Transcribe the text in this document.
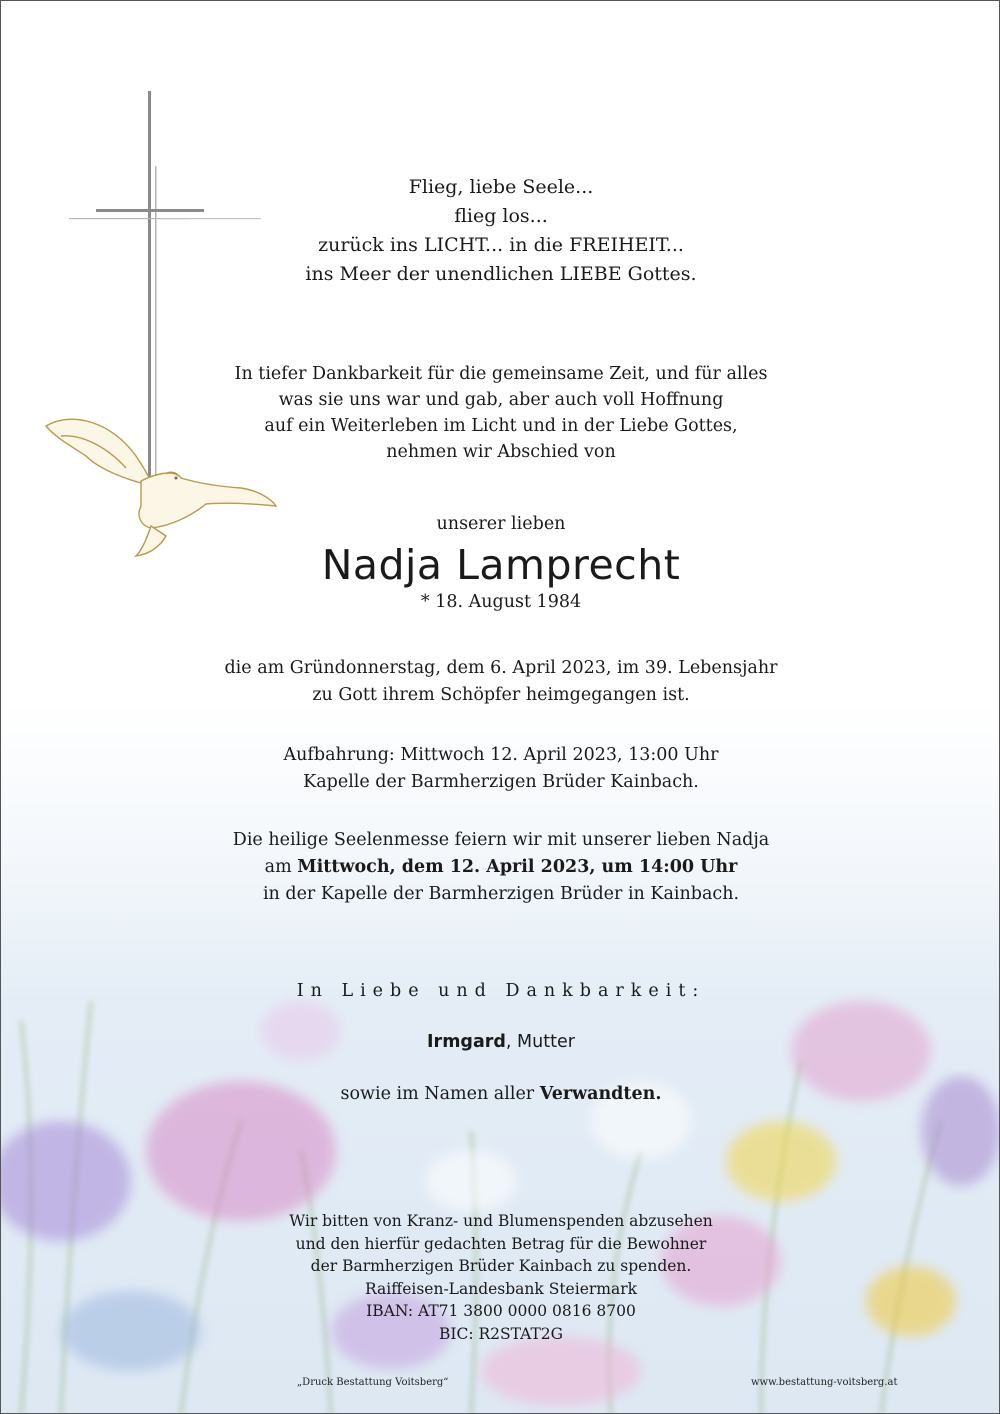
Flieg, liebe Seele...

flieg los...

zurück ins LICHT... in die FREIHEIT...

ins Meer der unendlichen LIEBE Gottes.

In tiefer Dankbarkeit für die gemeinsame Zeit, und für alles

was sie uns war und gab, aber auch voll Hoffnung

auf ein Weiterleben im Licht und in der Liebe Gottes,

nehmen wir Abschied von

unserer lieben
Nadja Lamprecht
* 18. August 1984

die am Gründonnerstag, dem 6. April 2023, im 39. Lebensjahr

zu Gott ihrem Schöpfer heimgegangen ist.

Aufbahrung: Mittwoch 12. April 2023, 13:00 Uhr

Kapelle der Barmherzigen Brüder Kainbach.

Die heilige Seelenmesse feiern wir mit unserer lieben Nadja

am Mittwoch, dem 12. April 2023, um 14:00 Uhr

in der Kapelle der Barmherzigen Brüder in Kainbach.

In Liebe und Dankbarkeit:
Irmgard, Mutter
sowie im Namen aller Verwandten.

Wir bitten von Kranz- und Blumenspenden abzusehen

und den hierfür gedachten Betrag für die Bewohner

der Barmherzigen Brüder Kainbach zu spenden.

Raiffeisen-Landesbank Steiermark

IBAN: AT71 3800 0000 0816 8700

BIC: R2STAT2G

„Druck Bestattung Voitsberg“	www.bestattung-voitsberg.at
